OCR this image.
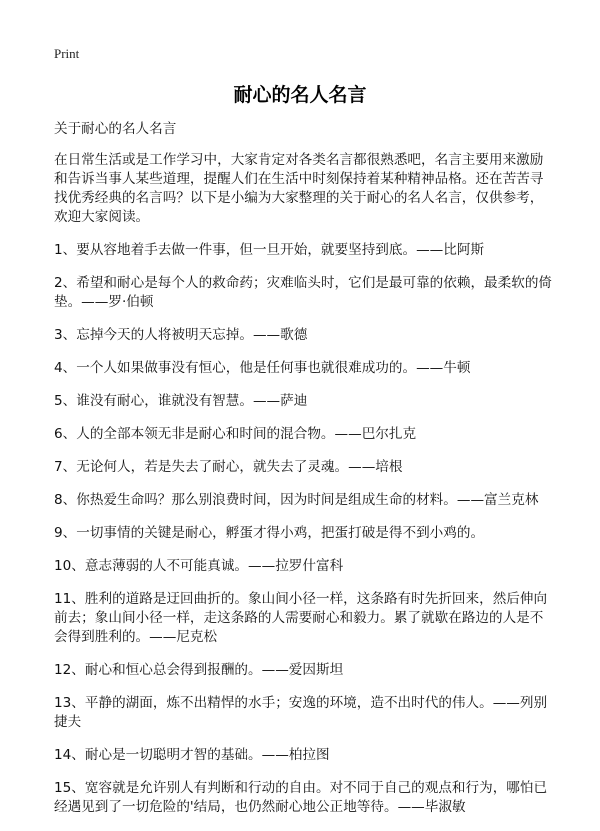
Print
耐心的名人名言

关于耐心的名人名言

在日常生活或是工作学习中，大家肯定对各类名言都很熟悉吧，名言主要用来激励和告诉当事人某些道理，提醒人们在生活中时刻保持着某种精神品格。还在苦苦寻找优秀经典的名言吗？以下是小编为大家整理的关于耐心的名人名言，仅供参考，欢迎大家阅读。

1、要从容地着手去做一件事，但一旦开始，就要坚持到底。——比阿斯

2、希望和耐心是每个人的救命药；灾难临头时，它们是最可靠的依赖，最柔软的倚垫。——罗·伯顿

3、忘掉今天的人将被明天忘掉。——歌德

4、一个人如果做事没有恒心，他是任何事也就很难成功的。——牛顿

5、谁没有耐心，谁就没有智慧。——萨迪

6、人的全部本领无非是耐心和时间的混合物。——巴尔扎克

7、无论何人，若是失去了耐心，就失去了灵魂。——培根

8、你热爱生命吗？那么别浪费时间，因为时间是组成生命的材料。——富兰克林

9、一切事情的关键是耐心，孵蛋才得小鸡，把蛋打破是得不到小鸡的。

10、意志薄弱的人不可能真诚。——拉罗什富科

11、胜利的道路是迂回曲折的。象山间小径一样，这条路有时先折回来，然后伸向前去；象山间小径一样，走这条路的人需要耐心和毅力。累了就歇在路边的人是不会得到胜利的。——尼克松

12、耐心和恒心总会得到报酬的。——爱因斯坦

13、平静的湖面，炼不出精悍的水手；安逸的环境，造不出时代的伟人。——列别捷夫

14、耐心是一切聪明才智的基础。——柏拉图

15、宽容就是允许别人有判断和行动的自由。对不同于自己的观点和行为，哪怕已经遇见到了一切危险的'结局，也仍然耐心地公正地等待。——毕淑敏
